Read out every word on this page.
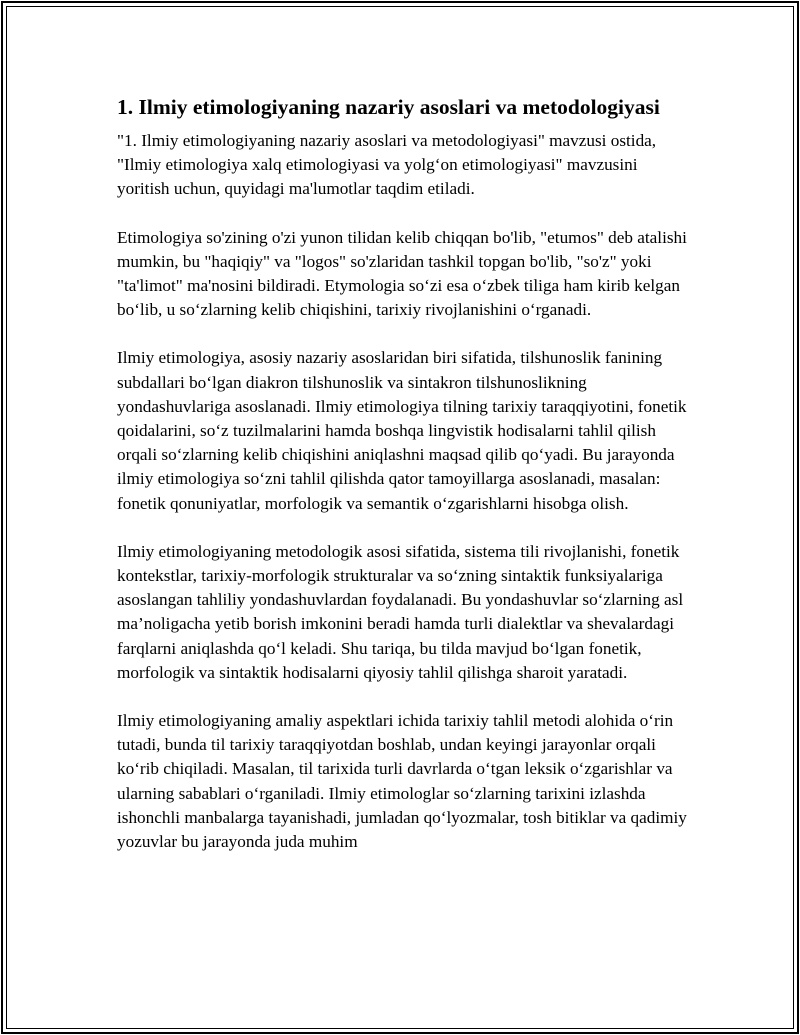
1. Ilmiy etimologiyaning nazariy asoslari va metodologiyasi

"1. Ilmiy etimologiyaning nazariy asoslari va metodologiyasi" mavzusi ostida, "Ilmiy etimologiya xalq etimologiyasi va yolg‘on etimologiyasi" mavzusini yoritish uchun, quyidagi ma'lumotlar taqdim etiladi.

Etimologiya so'zining o'zi yunon tilidan kelib chiqqan bo'lib, "etumos" deb atalishi mumkin, bu "haqiqiy" va "logos" so'zlaridan tashkil topgan bo'lib, "so'z" yoki "ta'limot" ma'nosini bildiradi. Etymologia so‘zi esa o‘zbek tiliga ham kirib kelgan bo‘lib, u so‘zlarning kelib chiqishini, tarixiy rivojlanishini o‘rganadi.

Ilmiy etimologiya, asosiy nazariy asoslaridan biri sifatida, tilshunoslik fanining subdallari bo‘lgan diakron tilshunoslik va sintakron tilshunoslikning yondashuvlariga asoslanadi. Ilmiy etimologiya tilning tarixiy taraqqiyotini, fonetik qoidalarini, so‘z tuzilmalarini hamda boshqa lingvistik hodisalarni tahlil qilish orqali so‘zlarning kelib chiqishini aniqlashni maqsad qilib qo‘yadi. Bu jarayonda ilmiy etimologiya so‘zni tahlil qilishda qator tamoyillarga asoslanadi, masalan: fonetik qonuniyatlar, morfologik va semantik o‘zgarishlarni hisobga olish.

Ilmiy etimologiyaning metodologik asosi sifatida, sistema tili rivojlanishi, fonetik kontekstlar, tarixiy-morfologik strukturalar va so‘zning sintaktik funksiyalariga asoslangan tahliliy yondashuvlardan foydalanadi. Bu yondashuvlar so‘zlarning asl ma’noligacha yetib borish imkonini beradi hamda turli dialektlar va shevalardagi farqlarni aniqlashda qo‘l keladi. Shu tariqa, bu tilda mavjud bo‘lgan fonetik, morfologik va sintaktik hodisalarni qiyosiy tahlil qilishga sharoit yaratadi.

Ilmiy etimologiyaning amaliy aspektlari ichida tarixiy tahlil metodi alohida o‘rin tutadi, bunda til tarixiy taraqqiyotdan boshlab, undan keyingi jarayonlar orqali ko‘rib chiqiladi. Masalan, til tarixida turli davrlarda o‘tgan leksik o‘zgarishlar va ularning sabablari o‘rganiladi. Ilmiy etimologlar so‘zlarning tarixini izlashda ishonchli manbalarga tayanishadi, jumladan qo‘lyozmalar, tosh bitiklar va qadimiy yozuvlar bu jarayonda juda muhim
